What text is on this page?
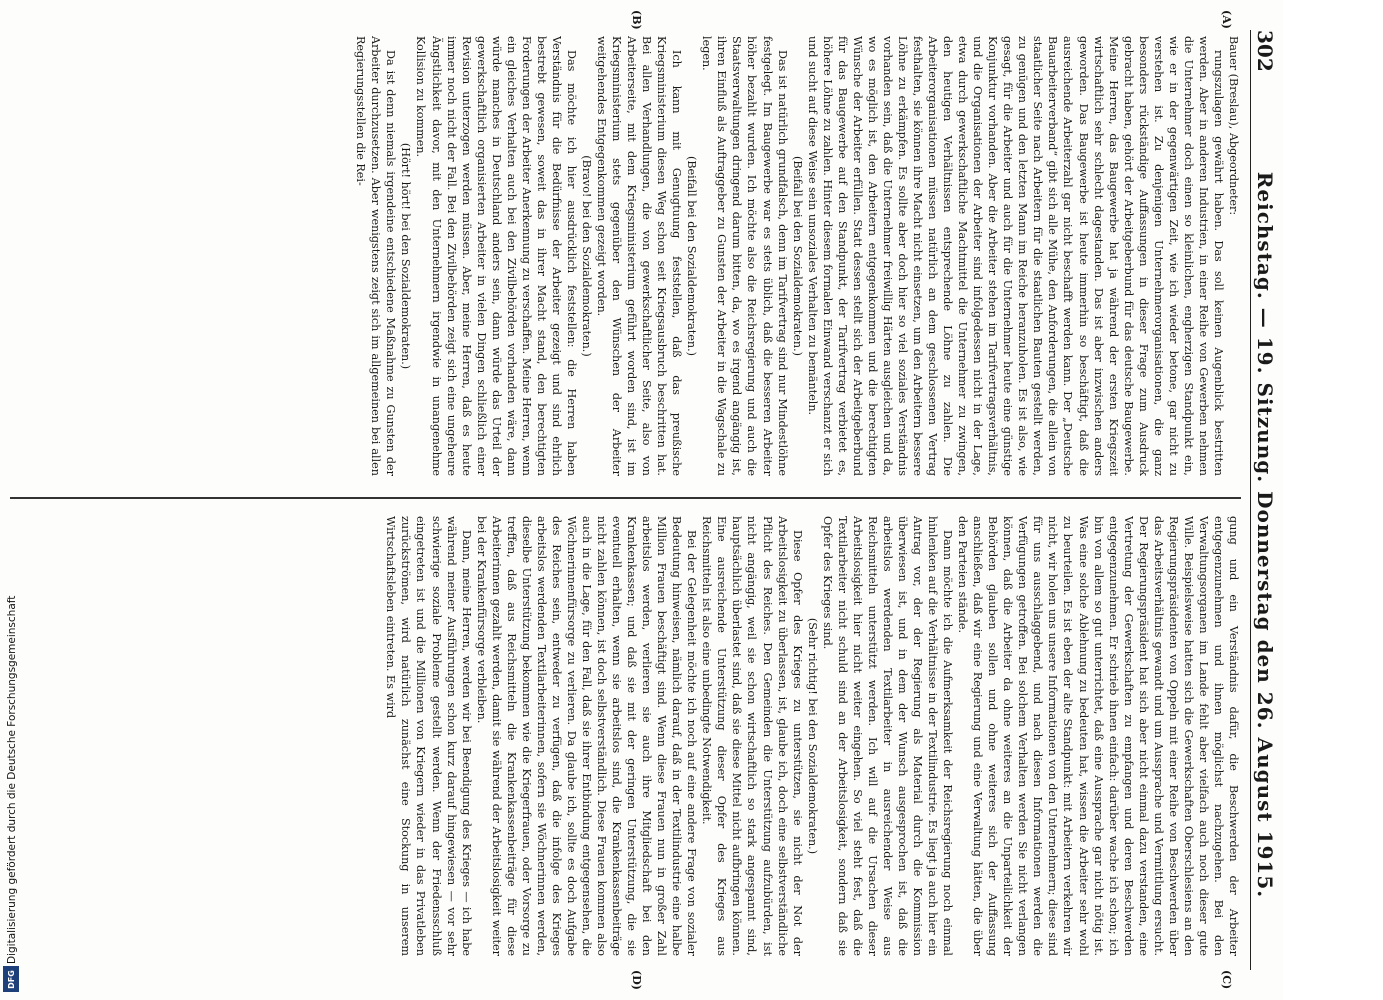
302
Reichstag. — 19. Sitzung. Donnerstag den 26. August 1915.
(A)
(B)
(C)
(D)

Bauer (Breslau), Abgeordneter:

rungszulagen gewährt haben. Das soll keinen Augenblick bestritten werden. Aber in anderen Industrien, in einer Reihe von Gewerben nehmen die Unternehmer doch einen so kleinlichen, engherzigen Standpunkt ein, wie er in der gegenwärtigen Zeit, wie ich wieder betone, gar nicht zu verstehen ist. Zu denjenigen Unternehmerorganisationen, die ganz besonders rückständige Auffassungen in dieser Frage zum Ausdruck gebracht haben, gehört der Arbeitgeberbund für das deutsche Baugewerbe. Meine Herren, das Baugewerbe hat ja während der ersten Kriegszeit wirtschaftlich sehr schlecht dagestanden. Das ist aber inzwischen anders geworden. Das Baugewerbe ist heute immerhin so beschäftigt, daß die ausreichende Arbeiterzahl gar nicht beschafft werden kann. Der „Deutsche Bauarbeiterverband“ gibt sich alle Mühe, den Anforderungen, die allein von staatlicher Seite nach Arbeitern für die staatlichen Bauten gestellt werden, zu genügen und den letzten Mann im Reiche heranzuholen. Es ist also, wie gesagt, für die Arbeiter und auch für die Unternehmer heute eine günstige Konjunktur vorhanden. Aber die Arbeiter stehen im Tarifvertragsverhältnis, und die Organisationen der Arbeiter sind infolgedessen nicht in der Lage, etwa durch gewerkschaftliche Machtmittel die Unternehmer zu zwingen, den heutigen Verhältnissen entsprechende Löhne zu zahlen. Die Arbeiterorganisationen müssen natürlich an dem geschlossenen Vertrag festhalten, sie können ihre Macht nicht einsetzen, um den Arbeitern bessere Löhne zu erkämpfen. Es sollte aber doch hier so viel soziales Verständnis vorhanden sein, daß die Unternehmer freiwillig Härten ausgleichen und da, wo es möglich ist, den Arbeitern entgegenkommen und die berechtigten Wünsche der Arbeiter erfüllen. Statt dessen stellt sich der Arbeitgeberbund für das Baugewerbe auf den Standpunkt, der Tarifvertrag verbietet es, höhere Löhne zu zahlen. Hinter diesem formalen Einwand verschanzt er sich und sucht auf diese Weise sein unsoziales Verhalten zu bemänteln.

(Beifall bei den Sozialdemokraten.)

Das ist natürlich grundfalsch, denn im Tarifvertrag sind nur Mindestlöhne festgelegt. Im Baugewerbe war es stets üblich, daß die besseren Arbeiter höher bezahlt wurden. Ich möchte also die Reichsregierung und auch die Staatsverwaltungen dringend darum bitten, da, wo es irgend angängig ist, ihren Einfluß als Auftraggeber zu Gunsten der Arbeiter in die Wagschale zu legen.

(Beifall bei den Sozialdemokraten.)

Ich kann mit Genugtuung feststellen, daß das preußische Kriegsministerium diesen Weg schon seit Kriegsausbruch beschritten hat. Bei allen Verhandlungen, die von gewerkschaftlicher Seite, also von Arbeiterseite, mit dem Kriegsministerium geführt worden sind, ist im Kriegsministerium stets gegenüber den Wünschen der Arbeiter weitgehendes Entgegenkommen gezeigt worden.

(Bravo! bei den Sozialdemokraten.)

Das möchte ich hier ausdrücklich feststellen: die Herren haben Verständnis für die Bedürfnisse der Arbeiter gezeigt und sind ehrlich bestrebt gewesen, soweit das in ihrer Macht stand, den berechtigten Forderungen der Arbeiter Anerkennung zu verschaffen. Meine Herren, wenn ein gleiches Verhalten auch bei den Zivilbehörden vorhanden wäre, dann würde manches in Deutschland anders sein, dann würde das Urteil der gewerkschaftlich organisierten Arbeiter in vielen Dingen schließlich einer Revision unterzogen werden müssen. Aber, meine Herren, daß es heute immer noch nicht der Fall. Bei den Zivilbehörden zeigt sich eine ungeheure Ängstlichkeit davor, mit den Unternehmern irgendwie in unangenehme Kollision zu kommen.

(Hört! hört! bei den Sozialdemokraten.)

Da ist denn niemals irgendeine entschiedene Maßnahme zu Gunsten der Arbeiter durchzusetzen. Aber wenigstens zeigt sich im allgemeinen bei allen Regierungsstellen die Rei-

gung und ein Verständnis dafür, die Beschwerden der Arbeiter entgegenzunehmen und ihnen möglichst nachzugehen. Bei den Verwaltungsorganen im Lande fehlt aber vielfach auch noch dieser gute Wille. Beispielsweise hatten sich die Gewerkschaften Oberschlesiens an den Regierungspräsidenten von Oppeln mit einer Reihe von Beschwerden über das Arbeitsverhältnis gewandt und um Aussprache und Vermittlung ersucht. Der Regierungspräsident hat sich aber nicht einmal dazu verstanden, eine Vertretung der Gewerkschaften zu empfangen und deren Beschwerden entgegenzunehmen. Er schrieb ihnen einfach: darüber wache ich schon; ich bin von allem so gut unterrichtet, daß eine Aussprache gar nicht nötig ist. Was eine solche Ablehnung zu bedeuten hat, wissen die Arbeiter sehr wohl zu beurteilen. Es ist eben der alte Standpunkt: mit Arbeitern verkehren wir nicht, wir holen uns unsere Informationen von den Unternehmern; diese sind für uns ausschlaggebend, und nach diesen Informationen werden die Verfügungen getroffen. Bei solchem Verhalten werden Sie nicht verlangen können, daß die Arbeiter da ohne weiteres an die Unparteilichkeit der Behörden glauben sollen und ohne weiteres sich der Auffassung anschließen, daß wir eine Regierung und eine Verwaltung hätten, die über den Parteien stände.

Dann möchte ich die Aufmerksamkeit der Reichsregierung noch einmal hinlenken auf die Verhältnisse in der Textilindustrie. Es liegt ja auch hier ein Antrag vor, der der Regierung als Material durch die Kommission überwiesen ist, und in dem der Wunsch ausgesprochen ist, daß die arbeitslos werdenden Textilarbeiter in ausreichender Weise aus Reichsmitteln unterstützt werden. Ich will auf die Ursachen dieser Arbeitslosigkeit hier nicht weiter eingehen. So viel steht fest, daß die Textilarbeiter nicht schuld sind an der Arbeitslosigkeit, sondern daß sie Opfer des Krieges sind.

(Sehr richtig! bei den Sozialdemokraten.)

Diese Opfer des Krieges zu unterstützen, sie nicht der Not der Arbeitslosigkeit zu überlassen, ist, glaube ich, doch eine selbstverständliche Pflicht des Reiches. Den Gemeinden die Unterstützung aufzubürden, ist nicht angängig, weil sie schon wirtschaftlich so stark angespannt sind, hauptsächlich überlastet sind, daß sie diese Mittel nicht aufbringen können. Eine ausreichende Unterstützung dieser Opfer des Krieges aus Reichsmitteln ist also eine unbedingte Notwendigkeit.

Bei der Gelegenheit möchte ich noch auf eine andere Frage von sozialer Bedeutung hinweisen, nämlich darauf, daß in der Textilindustrie eine halbe Million Frauen beschäftigt sind. Wenn diese Frauen nun in großer Zahl arbeitslos werden, verlieren sie auch ihre Mitgliedschaft bei den Krankenkassen; und daß sie mit der geringen Unterstützung, die sie eventuell erhalten, wenn sie arbeitslos sind, die Krankenkassenbeiträge nicht zahlen können, ist doch selbstverständlich. Diese Frauen kommen also auch in die Lage, für den Fall, daß sie ihrer Entbindung entgegensehen, die Wöchnerinnenfürsorge zu verlieren. Da glaube ich, sollte es doch Aufgabe des Reiches sein, entweder zu verfügen, daß die infolge des Krieges arbeitslos werdenden Textilarbeiterinnen, sofern sie Wöchnerinnen werden, dieselbe Unterstützung bekommen wie die Kriegerfrauen, oder Vorsorge zu treffen, daß aus Reichsmitteln die Krankenkassenbeiträge für diese Arbeiterinnen gezahlt werden, damit sie während der Arbeitslosigkeit weiter bei der Krankenfürsorge verbleiben.

Dann, meine Herren, werden wir bei Beendigung des Krieges — ich habe während meiner Ausführungen schon kurz darauf hingewiesen — vor sehr schwierige soziale Probleme gestellt werden. Wenn der Friedensschluß eingetreten ist und die Millionen von Kriegern wieder in das Privatleben zurückströmen, wird natürlich zunächst eine Stockung in unserem Wirtschaftsleben eintreten. Es wird

Digitalisierung gefördert durch die Deutsche Forschungsgemeinschaft
DFG
